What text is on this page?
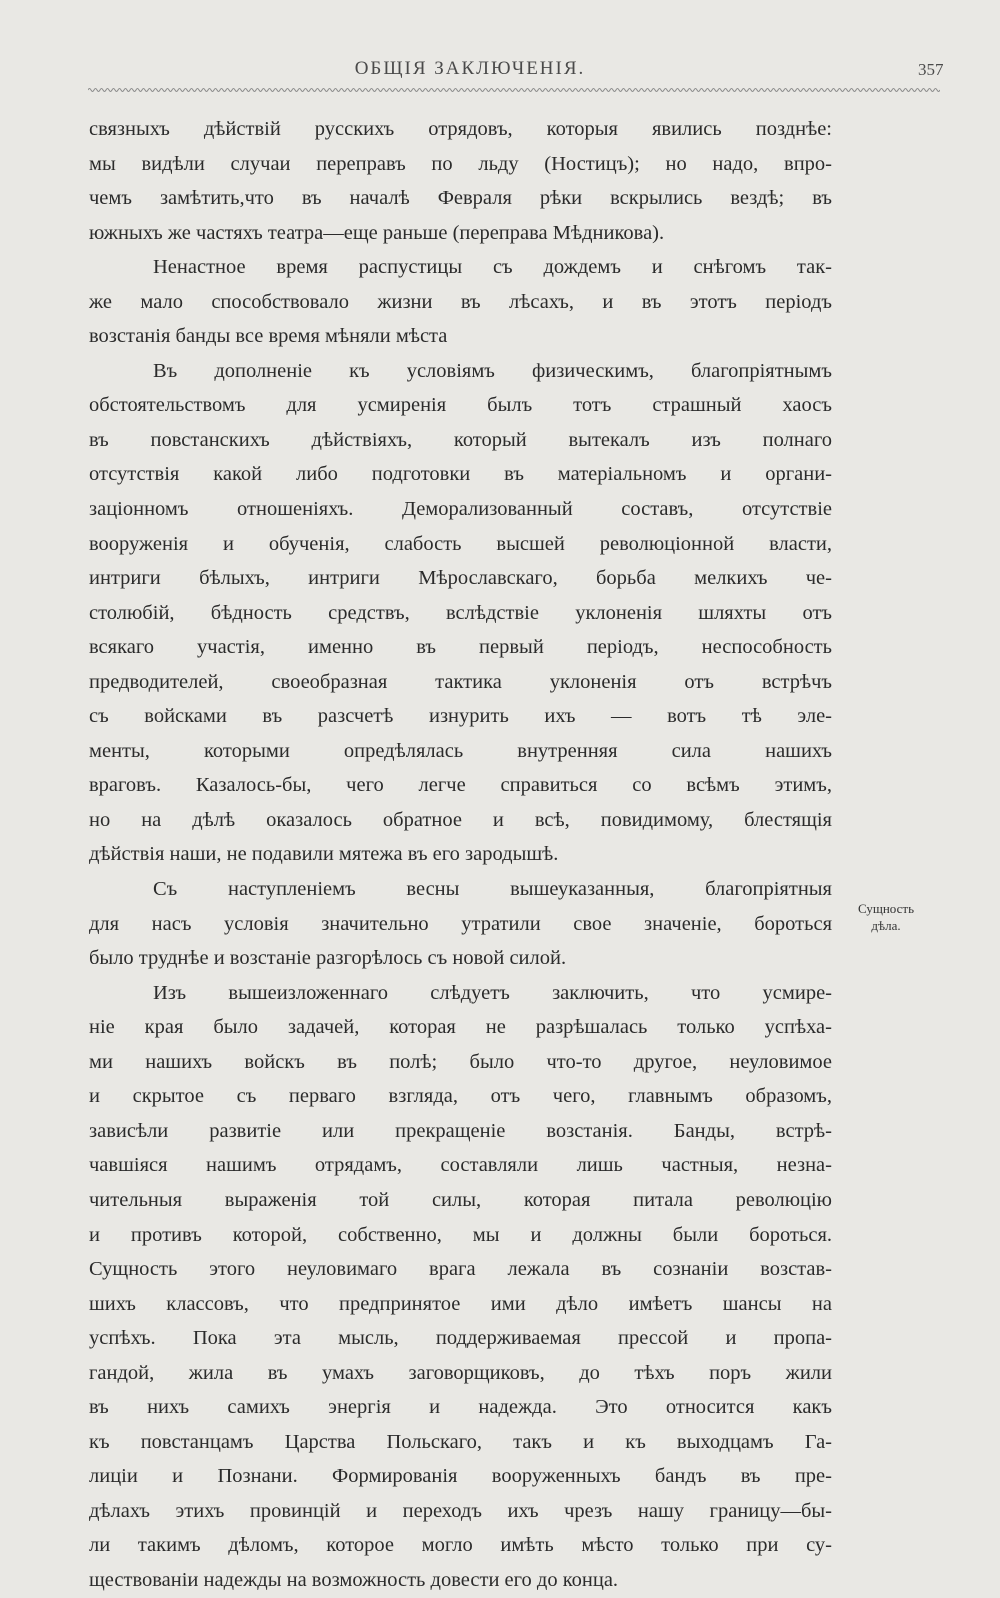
ОБЩІЯ ЗАКЛЮЧЕНІЯ.	357
связныхъ дѣйствій русскихъ отрядовъ, которыя явились позднѣе:
мы видѣли случаи переправъ по льду (Ностицъ); но надо, впро-
чемъ замѣтить,что въ началѣ Февраля рѣки вскрылись вездѣ; въ
южныхъ же частяхъ театра—еще раньше (переправа Мѣдникова).
Ненастное время распустицы съ дождемъ и снѣгомъ так-
же мало способствовало жизни въ лѣсахъ, и въ этотъ періодъ
возстанія банды все время мѣняли мѣста
Въ дополненіе къ условіямъ физическимъ, благопріятнымъ
обстоятельствомъ для усмиренія былъ тотъ страшный хаосъ
въ повстанскихъ дѣйствіяхъ, который вытекалъ изъ полнаго
отсутствія какой либо подготовки въ матеріальномъ и органи-
заціонномъ отношеніяхъ. Деморализованный составъ, отсутствіе
вооруженія и обученія, слабость высшей революціонной власти,
интриги бѣлыхъ, интриги Мѣрославскаго, борьба мелкихъ че-
столюбій, бѣдность средствъ, вслѣдствіе уклоненія шляхты отъ
всякаго участія, именно въ первый періодъ, неспособность
предводителей, своеобразная тактика уклоненія отъ встрѣчъ
съ войсками въ разсчетѣ изнурить ихъ — вотъ тѣ эле-
менты, которыми опредѣлялась внутренняя сила нашихъ
враговъ. Казалось-бы, чего легче справиться со всѣмъ этимъ,
но на дѣлѣ оказалось обратное и всѣ, повидимому, блестящія
дѣйствія наши, не подавили мятежа въ его зародышѣ.
Съ наступленіемъ весны вышеуказанныя, благопріятныя
для насъ условія значительно утратили свое значеніе, бороться
было труднѣе и возстаніе разгорѣлось съ новой силой.
Изъ вышеизложеннаго слѣдуетъ заключить, что усмире-
ніе края было задачей, которая не разрѣшалась только успѣха-
ми нашихъ войскъ въ полѣ; было что-то другое, неуловимое
и скрытое съ перваго взгляда, отъ чего, главнымъ образомъ,
зависѣли развитіе или прекращеніе возстанія. Банды, встрѣ-
чавшіяся нашимъ отрядамъ, составляли лишь частныя, незна-
чительныя выраженія той силы, которая питала революцію
и противъ которой, собственно, мы и должны были бороться.
Сущность этого неуловимаго врага лежала въ сознаніи возстав-
шихъ классовъ, что предпринятое ими дѣло имѣетъ шансы на
успѣхъ. Пока эта мысль, поддерживаемая прессой и пропа-
гандой, жила въ умахъ заговорщиковъ, до тѣхъ поръ жили
въ нихъ самихъ энергія и надежда. Это относится какъ
къ повстанцамъ Царства Польскаго, такъ и къ выходцамъ Га-
лиціи и Познани. Формированія вооруженныхъ бандъ въ пре-
дѣлахъ этихъ провинцій и переходъ ихъ чрезъ нашу границу—бы-
ли такимъ дѣломъ, которое могло имѣть мѣсто только при су-
ществованіи надежды на возможность довести его до конца.
Сущность
дѣла.
